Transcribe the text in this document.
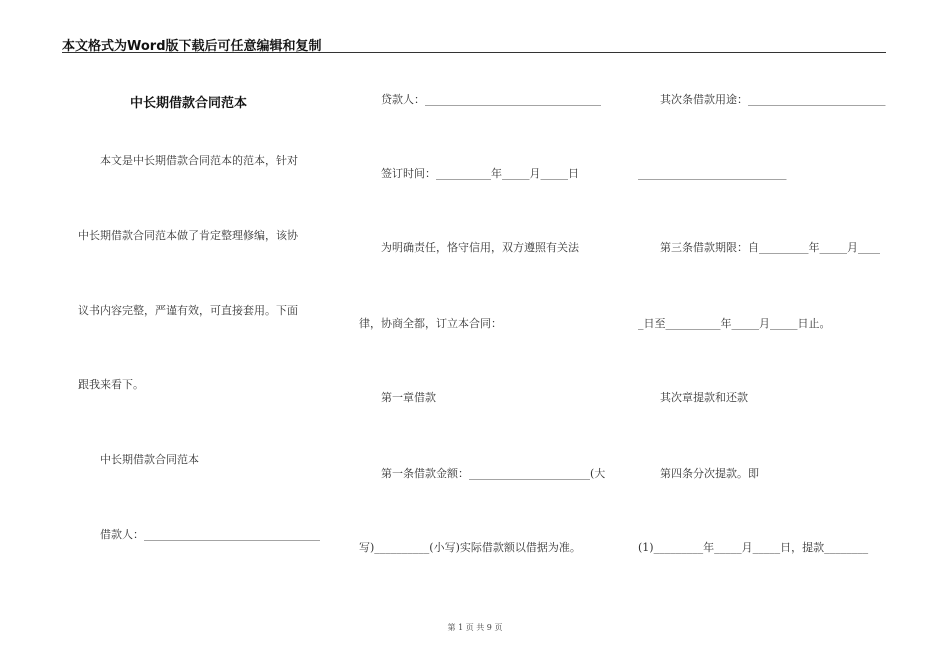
本文格式为Word版下载后可任意编辑和复制
中长期借款合同范本
　　本文是中长期借款合同范本的范本，针对
中长期借款合同范本做了肯定整理修编，该协
议书内容完整，严谨有效，可直接套用。下面
跟我来看下。
　　中长期借款合同范本
　　借款人：________________________________
　　贷款人：________________________________
　　签订时间：__________年_____月_____日
　　为明确责任，恪守信用，双方遵照有关法
律，协商全都，订立本合同：
　　第一章借款
　　第一条借款金额：______________________(大
写)__________(小写)实际借款额以借据为准。
　　其次条借款用途：_________________________
___________________________
　　第三条借款期限：自_________年_____月____
_日至__________年_____月_____日止。
　　其次章提款和还款
　　第四条分次提款。即
(1)_________年_____月_____日，提款________
第 1 页 共 9 页
